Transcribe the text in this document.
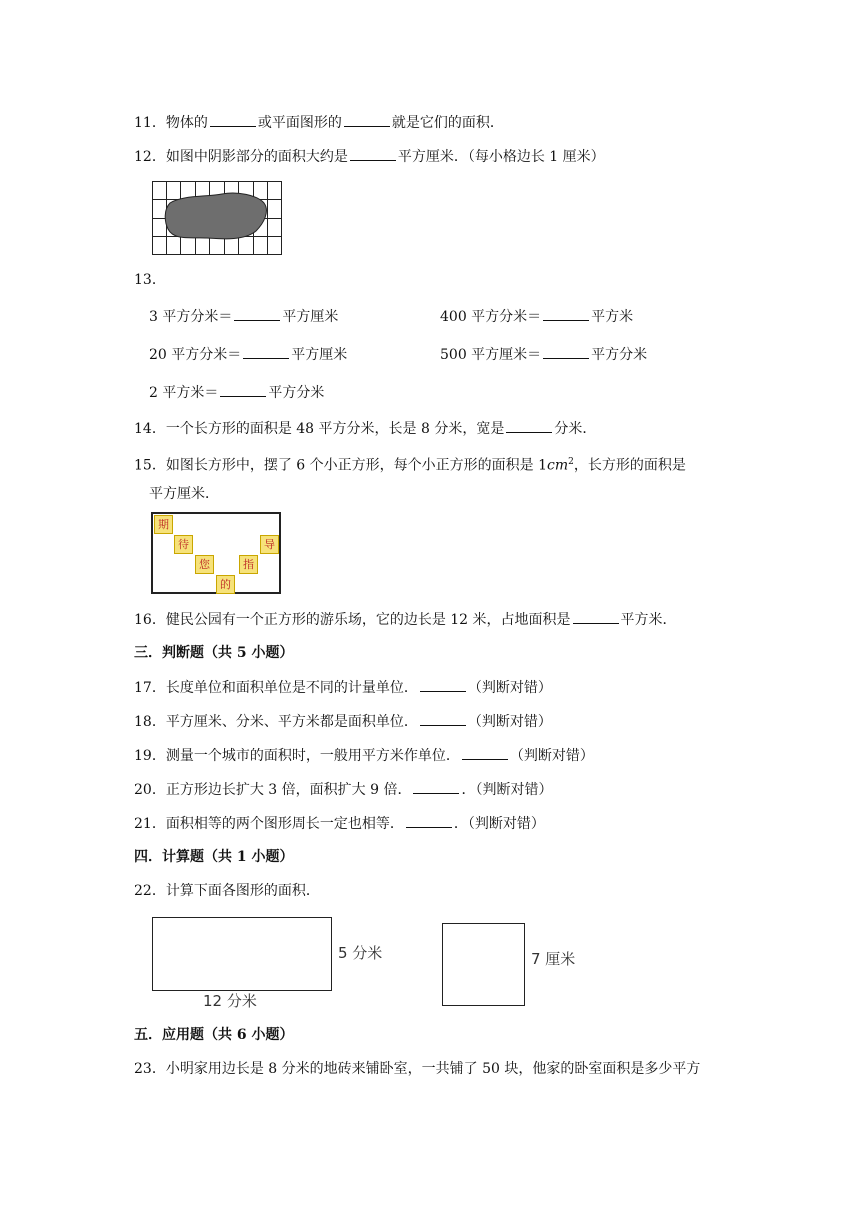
11．物体的	或平面图形的	就是它们的面积．
12．如图中阴影部分的面积大约是	平方厘米．（每小格边长 1 厘米）
13．
3 平方分米＝	平方厘米	400 平方分米＝	平方米
20 平方分米＝	平方厘米	500 平方厘米＝	平方分米
2 平方米＝	平方分米
14．一个长方形的面积是 48 平方分米，长是 8 分米，宽是	分米．
15．如图长方形中，摆了 6 个小正方形，每个小正方形的面积是 $1cm^2$，长方形的面积是
平方厘米．
期
待
您
的
指
导
16．健民公园有一个正方形的游乐场，它的边长是 12 米，占地面积是	平方米．
三．判断题（共 5 小题）
17．长度单位和面积单位是不同的计量单位．	（判断对错）
18．平方厘米、分米、平方米都是面积单位．	（判断对错）
19．测量一个城市的面积时，一般用平方米作单位．	（判断对错）
20．正方形边长扩大 3 倍，面积扩大 9 倍．	．（判断对错）
21．面积相等的两个图形周长一定也相等．	．（判断对错）
四．计算题（共 1 小题）
22．计算下面各图形的面积．
5 分米
12 分米
7 厘米
五．应用题（共 6 小题）
23．小明家用边长是 8 分米的地砖来铺卧室，一共铺了 50 块，他家的卧室面积是多少平方
